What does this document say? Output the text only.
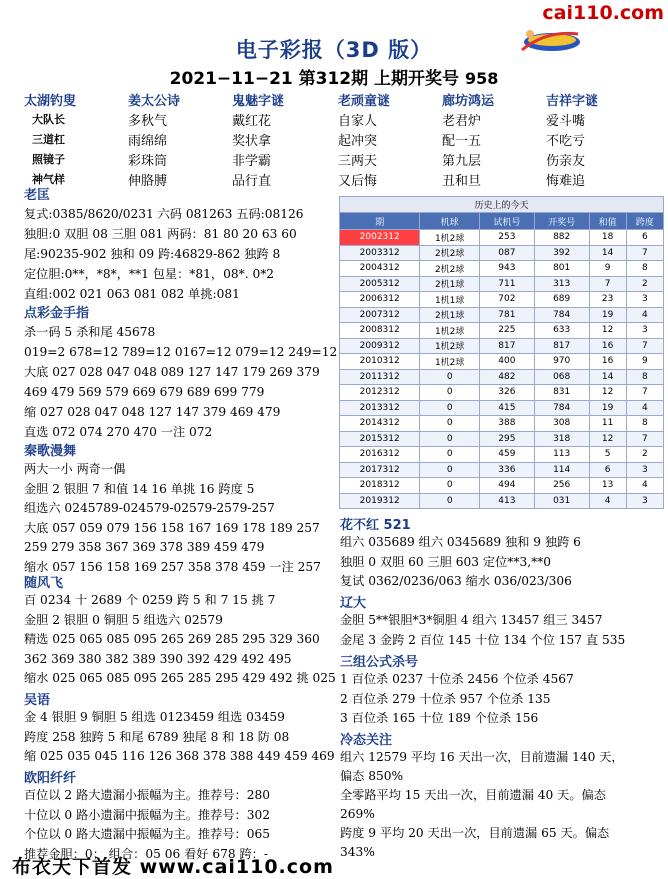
cai110.com
电子彩报（3D 版）
2021−11−21 第312期 上期开奖号 958
太湖钓叟	姜太公诗	鬼魅字谜	老顽童谜	廊坊鸿运	吉祥字谜
大队长	多秋气	戴红花	自家人	老君炉	爱斗嘴
三道杠	雨绵绵	奖状拿	起冲突	配一五	不吃亏
照镜子	彩珠筒	非学霸	三两天	第九层	伤亲友
神气样	伸胳膊	品行直	又后悔	丑和旦	悔难追
老匡
复式:0385/8620/0231 六码 081263 五码:08126
独胆:0 双胆 08 三胆 081 两码：81 80 20 63 60
尾:90235-902 独和 09 跨:46829-862 独跨 8
定位胆:0**，*8*，**1 包星：*81，08*. 0*2
直组:002 021 063 081 082 单挑:081
点彩金手指
杀一码 5 杀和尾 45678
019=2 678=12 789=12 0167=12 079=12 249=12
大底 027 028 047 048 089 127 147 179 269 379
469 479 569 579 669 679 689 699 779
缩 027 028 047 048 127 147 379 469 479
直选 072 074 270 470 一注 072
秦歌漫舞
两大一小 两奇一偶
金胆 2 银胆 7 和值 14 16 单挑 16 跨度 5
组选六 0245789-024579-02579-2579-257
大底 057 059 079 156 158 167 169 178 189 257
259 279 358 367 369 378 389 459 479
缩水 057 156 158 169 257 358 378 459 一注 257
随风飞
百 0234 十 2689 个 0259 跨 5 和 7 15 挑 7
金胆 2 银胆 0 铜胆 5 组选六 02579
精选 025 065 085 095 265 269 285 295 329 360
362 369 380 382 389 390 392 429 492 495
缩水 025 065 085 095 265 285 295 429 492 挑 025
吴语
金 4 银胆 9 铜胆 5 组选 0123459 组选 03459
跨度 258 独跨 5 和尾 6789 独尾 8 和 18 防 08
缩 025 035 045 116 126 368 378 388 449 459 469
欧阳纤纤
百位以 2 路大遗漏小振幅为主。推荐号：280
十位以 0 路小遗漏中振幅为主。推荐号：302
个位以 0 路大遗漏中振幅为主。推荐号：065
推荐金胆：0； 组合：05 06 看好 678 跨：-
历史上的今天					
期	机球	试机号	开奖号	和值	跨度
2002312	1机2球	253	882	18	6
2003312	2机2球	087	392	14	7
2004312	2机2球	943	801	9	8
2005312	2机1球	711	313	7	2
2006312	1机1球	702	689	23	3
2007312	2机1球	781	784	19	4
2008312	1机2球	225	633	12	3
2009312	1机2球	817	817	16	7
2010312	1机2球	400	970	16	9
2011312	0	482	068	14	8
2012312	0	326	831	12	7
2013312	0	415	784	19	4
2014312	0	388	308	11	8
2015312	0	295	318	12	7
2016312	0	459	113	5	2
2017312	0	336	114	6	3
2018312	0	494	256	13	4
2019312	0	413	031	4	3
花不红 521
组六 035689 组六 0345689 独和 9 独跨 6
独胆 0 双胆 60 三胆 603 定位**3,**0
复试 0362/0236/063 缩水 036/023/306
辽大
金胆 5**银胆*3*铜胆 4 组六 13457 组三 3457
金尾 3 金跨 2 百位 145 十位 134 个位 157 直 535
三组公式杀号
1 百位杀 0237 十位杀 2456 个位杀 4567
2 百位杀 279 十位杀 957 个位杀 135
3 百位杀 165 十位 189 个位杀 156
冷态关注
组六 12579 平均 16 天出一次，目前遗漏 140 天，
偏态 850%
全零路平均 15 天出一次，目前遗漏 40 天。偏态
269%
跨度 9 平均 20 天出一次，目前遗漏 65 天。偏态
343%
布衣天下首发 www.cai110.com
